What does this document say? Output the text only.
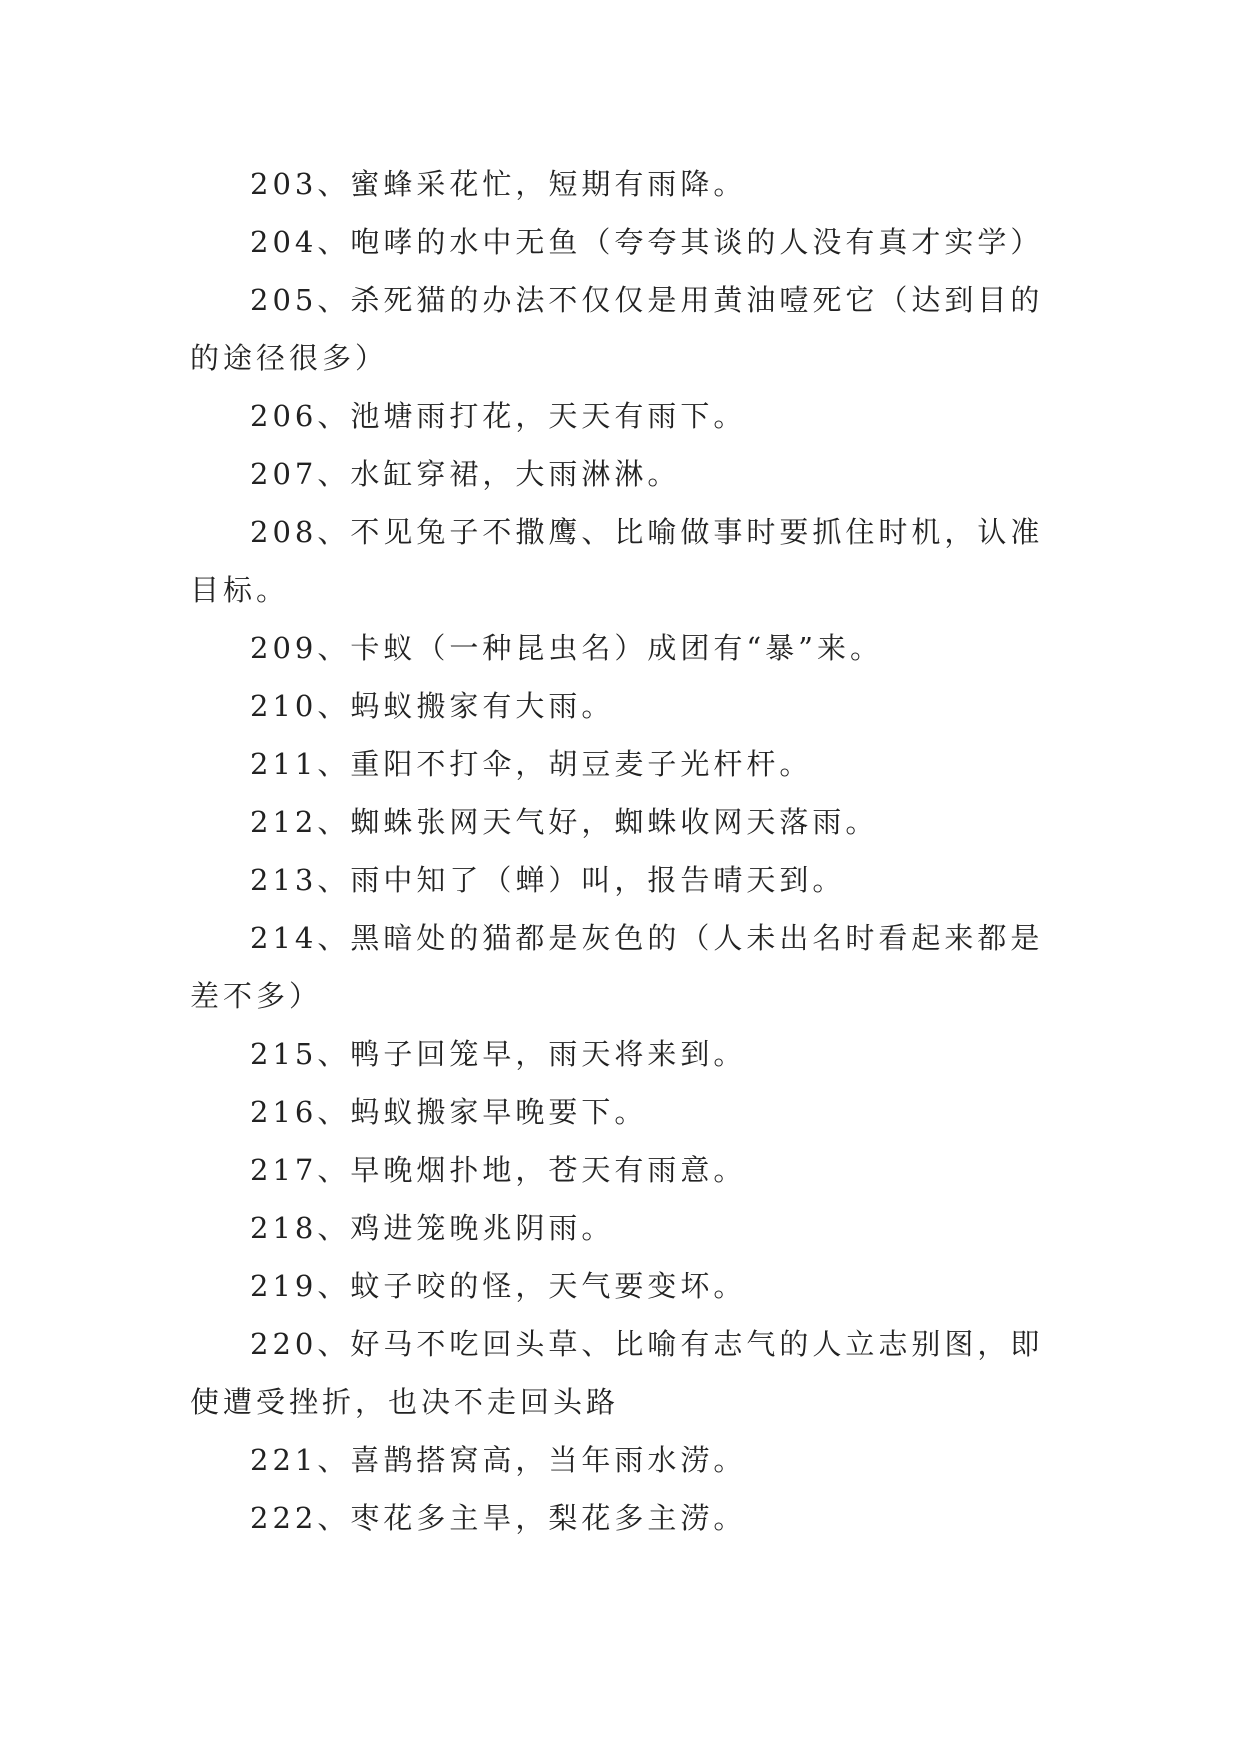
203、蜜蜂采花忙，短期有雨降。

204、咆哮的水中无鱼（夸夸其谈的人没有真才实学）

205、杀死猫的办法不仅仅是用黄油噎死它（达到目的的途径很多）

206、池塘雨打花，天天有雨下。

207、水缸穿裙，大雨淋淋。

208、不见兔子不撒鹰、比喻做事时要抓住时机，认准目标。

209、卡蚁（一种昆虫名）成团有“暴”来。

210、蚂蚁搬家有大雨。

211、重阳不打伞，胡豆麦子光杆杆。

212、蜘蛛张网天气好，蜘蛛收网天落雨。

213、雨中知了（蝉）叫，报告晴天到。

214、黑暗处的猫都是灰色的（人未出名时看起来都是差不多）

215、鸭子回笼早，雨天将来到。

216、蚂蚁搬家早晚要下。

217、早晚烟扑地，苍天有雨意。

218、鸡进笼晚兆阴雨。

219、蚊子咬的怪，天气要变坏。

220、好马不吃回头草、比喻有志气的人立志别图，即使遭受挫折，也决不走回头路

221、喜鹊搭窝高，当年雨水涝。

222、枣花多主旱，梨花多主涝。
